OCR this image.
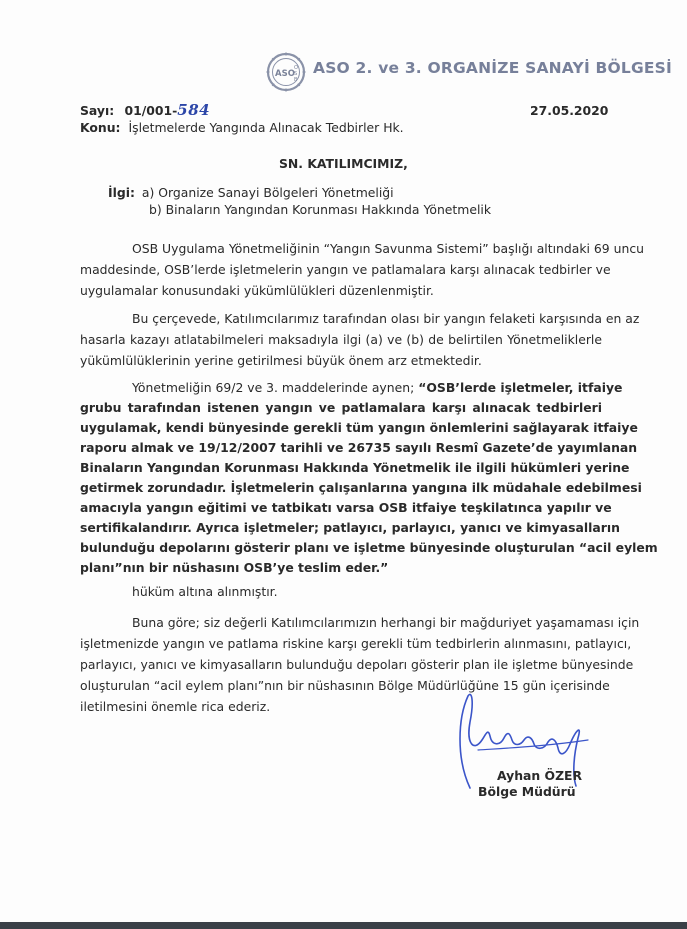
ASO
O
S
B
ASO 2. ve 3. ORGANİZE SANAYİ BÖLGESİ
Sayı: 01/001-584	27.05.2020
Konu: İşletmelerde Yangında Alınacak Tedbirler Hk.
SN. KATILIMCIMIZ,
İlgi: a) Organize Sanayi Bölgeleri Yönetmeliği
b) Binaların Yangından Korunması Hakkında Yönetmelik
OSB Uygulama Yönetmeliğinin “Yangın Savunma Sistemi” başlığı altındaki 69 uncu
maddesinde, OSB’lerde işletmelerin yangın ve patlamalara karşı alınacak tedbirler ve
uygulamalar konusundaki yükümlülükleri düzenlenmiştir.
Bu çerçevede, Katılımcılarımız tarafından olası bir yangın felaketi karşısında en az
hasarla kazayı atlatabilmeleri maksadıyla ilgi (a) ve (b) de belirtilen Yönetmeliklerle
yükümlülüklerinin yerine getirilmesi büyük önem arz etmektedir.
Yönetmeliğin 69/2 ve 3. maddelerinde aynen; “OSB’lerde işletmeler, itfaiye
grubu tarafından istenen yangın ve patlamalara karşı alınacak tedbirleri
uygulamak, kendi bünyesinde gerekli tüm yangın önlemlerini sağlayarak itfaiye
raporu almak ve 19/12/2007 tarihli ve 26735 sayılı Resmî Gazete’de yayımlanan
Binaların Yangından Korunması Hakkında Yönetmelik ile ilgili hükümleri yerine
getirmek zorundadır. İşletmelerin çalışanlarına yangına ilk müdahale edebilmesi
amacıyla yangın eğitimi ve tatbikatı varsa OSB itfaiye teşkilatınca yapılır ve
sertifikalandırır. Ayrıca işletmeler; patlayıcı, parlayıcı, yanıcı ve kimyasalların
bulunduğu depolarını gösterir planı ve işletme bünyesinde oluşturulan “acil eylem
planı”nın bir nüshasını OSB’ye teslim eder.”
hüküm altına alınmıştır.
Buna göre; siz değerli Katılımcılarımızın herhangi bir mağduriyet yaşamaması için
işletmenizde yangın ve patlama riskine karşı gerekli tüm tedbirlerin alınmasını, patlayıcı,
parlayıcı, yanıcı ve kimyasalların bulunduğu depoları gösterir plan ile işletme bünyesinde
oluşturulan “acil eylem planı”nın bir nüshasının Bölge Müdürlüğüne 15 gün içerisinde
iletilmesini önemle rica ederiz.
Ayhan ÖZER
Bölge Müdürü
